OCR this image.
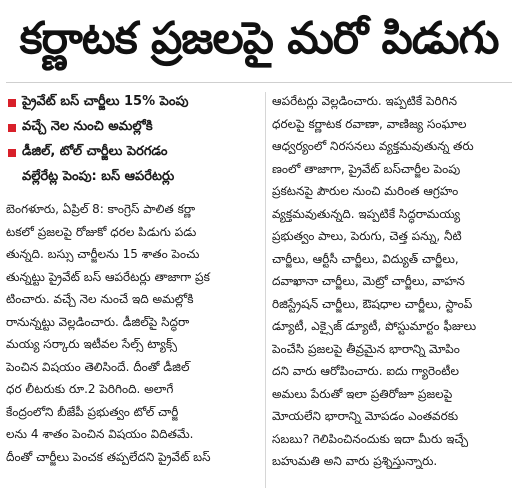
కర్ణాటక ప్రజలపై మరో పిడుగు
ప్రైవేట్ బస్ చార్జీలు 15% పెంపు
వచ్చే నెల నుంచి అమల్లోకి
డీజిల్, టోల్ చార్జీలు పెరగడం
వల్లేరేట్ల పెంపు: బస్ ఆపరేటర్లు
బెంగళూరు, ఏప్రిల్ 8: కాంగ్రెస్ పాలిత కర్ణా
టకలో ప్రజలపై రోజుకో ధరల పిడుగు పడు
తున్నది. బస్సు చార్జీలను 15 శాతం పెంచు
తున్నట్టు ప్రైవేట్ బస్ ఆపరేటర్లు తాజాగా ప్రక
టించారు. వచ్చే నెల నుంచే ఇది అమల్లోకి
రానున్నట్టు వెల్లడించారు. డీజిల్‌పై సిద్ధరా
మయ్య సర్కారు ఇటీవల సేల్స్ ట్యాక్స్
పెంచిన విషయం తెలిసిందే. దీంతో డీజిల్
ధర లీటరుకు రూ.2 పెరిగింది. అలాగే
కేంద్రంలోని బీజేపీ ప్రభుత్వం టోల్ చార్జీ
లను 4 శాతం పెంచిన విషయం విదితమే.
దీంతో చార్జీలు పెంచక తప్పలేదని ప్రైవేట్ బస్
ఆపరేటర్లు వెల్లడించారు. ఇప్పటికే పెరిగిన
ధరలపై కర్ణాటక రవాణా, వాణిజ్య సంఘాల
ఆధ్వర్యంలో నిరసనలు వ్యక్తమవుతున్న తరు
ణంలో తాజాగా, ప్రైవేట్ బస్‌చార్జీల పెంపు
ప్రకటనపై పౌరుల నుంచి మరింత ఆగ్రహం
వ్యక్తమవుతున్నది. ఇప్పటికే సిద్ధరామయ్య
ప్రభుత్వం పాలు, పెరుగు, చెత్త పన్ను, నీటి
చార్జీలు, ఆర్టీసీ చార్జీలు, విద్యుత్ చార్జీలు,
దవాఖానా చార్జీలు, మెట్రో చార్జీలు, వాహన
రిజిస్ట్రేషన్ చార్జీలు, ఔషధాల చార్జీలు, స్టాంప్
డ్యూటీ, ఎక్సైజ్ డ్యూటీ, పోస్టుమార్టం ఫీజులు
పెంచేసి ప్రజలపై తీవ్రమైన భారాన్ని మోపిం
దని వారు ఆరోపించారు. ఐదు గ్యారెంటీల
అమలు పేరుతో ఇలా ప్రతిరోజూ ప్రజలపై
మోయలేని భారాన్ని మోపడం ఎంతవరకు
సబబు? గెలిపించినందుకు ఇదా మీరు ఇచ్చే
బహుమతి అని వారు ప్రశ్నిస్తున్నారు.
